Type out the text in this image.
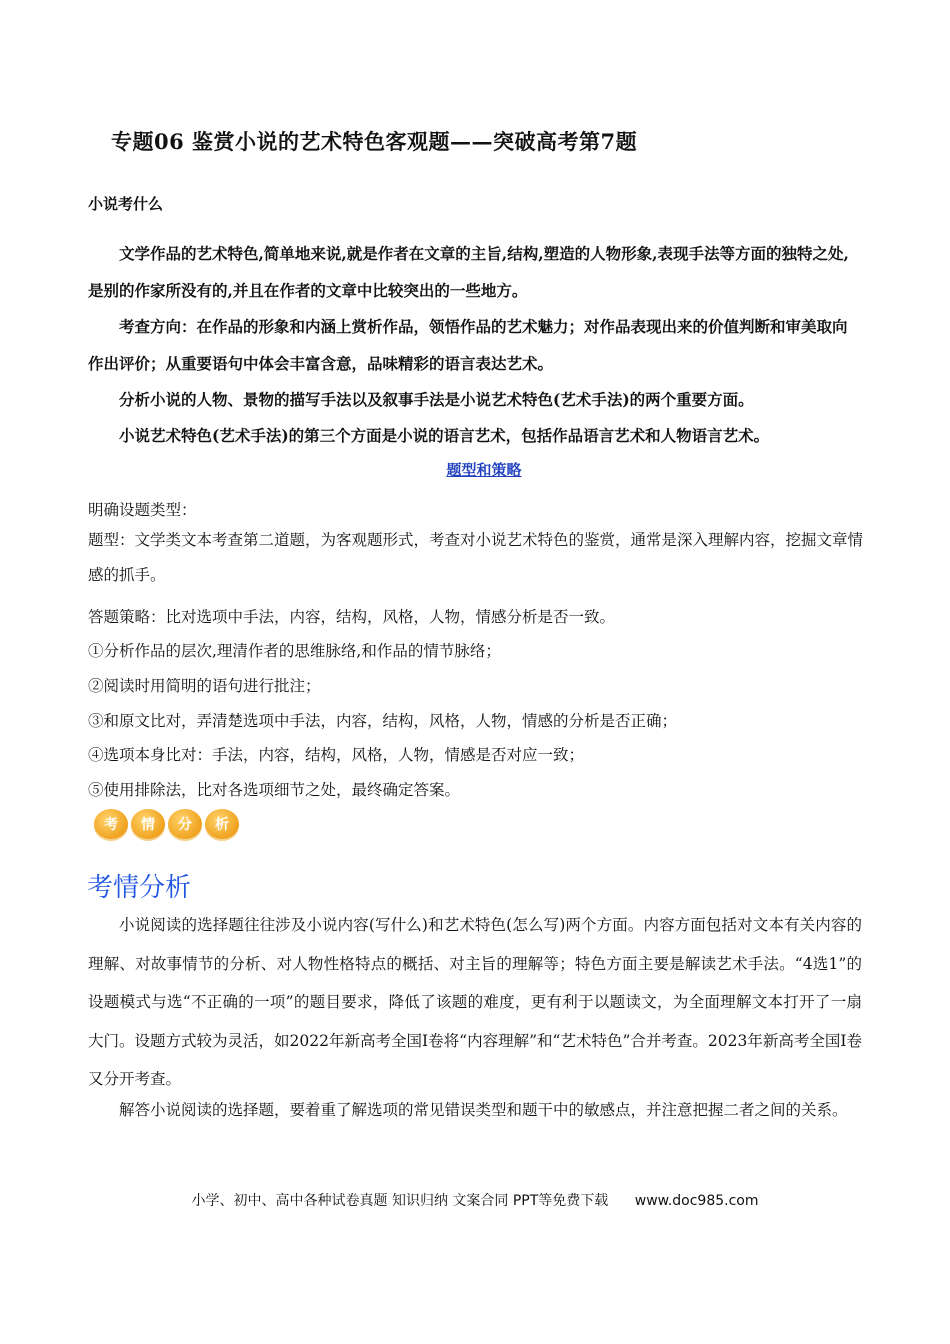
专题06 鉴赏小说的艺术特色客观题——突破高考第7题
小说考什么

文学作品的艺术特色,简单地来说,就是作者在文章的主旨,结构,塑造的人物形象,表现手法等方面的独特之处,是别的作家所没有的,并且在作者的文章中比较突出的一些地方。

考查方向：在作品的形象和内涵上赏析作品，领悟作品的艺术魅力；对作品表现出来的价值判断和审美取向作出评价；从重要语句中体会丰富含意，品味精彩的语言表达艺术。

分析小说的人物、景物的描写手法以及叙事手法是小说艺术特色(艺术手法)的两个重要方面。

小说艺术特色(艺术手法)的第三个方面是小说的语言艺术，包括作品语言艺术和人物语言艺术。

题型和策略

明确设题类型：

题型：文学类文本考查第二道题，为客观题形式，考查对小说艺术特色的鉴赏，通常是深入理解内容，挖掘文章情感的抓手。

答题策略：比对选项中手法，内容，结构，风格，人物，情感分析是否一致。

①分析作品的层次,理清作者的思维脉络,和作品的情节脉络；

②阅读时用简明的语句进行批注；

③和原文比对，弄清楚选项中手法，内容，结构，风格，人物，情感的分析是否正确；

④选项本身比对：手法，内容，结构，风格，人物，情感是否对应一致；

⑤使用排除法，比对各选项细节之处，最终确定答案。

考	情	分	析
考情分析

小说阅读的选择题往往涉及小说内容(写什么)和艺术特色(怎么写)两个方面。内容方面包括对文本有关内容的理解、对故事情节的分析、对人物性格特点的概括、对主旨的理解等；特色方面主要是解读艺术手法。“4选1”的设题模式与选“不正确的一项”的题目要求，降低了该题的难度，更有利于以题读文，为全面理解文本打开了一扇大门。设题方式较为灵活，如2022年新高考全国Ⅰ卷将“内容理解”和“艺术特色”合并考查。2023年新高考全国Ⅰ卷又分开考查。

解答小说阅读的选择题，要着重了解选项的常见错误类型和题干中的敏感点，并注意把握二者之间的关系。

小学、初中、高中各种试卷真题 知识归纳 文案合同 PPT等免费下载 www.doc985.com
